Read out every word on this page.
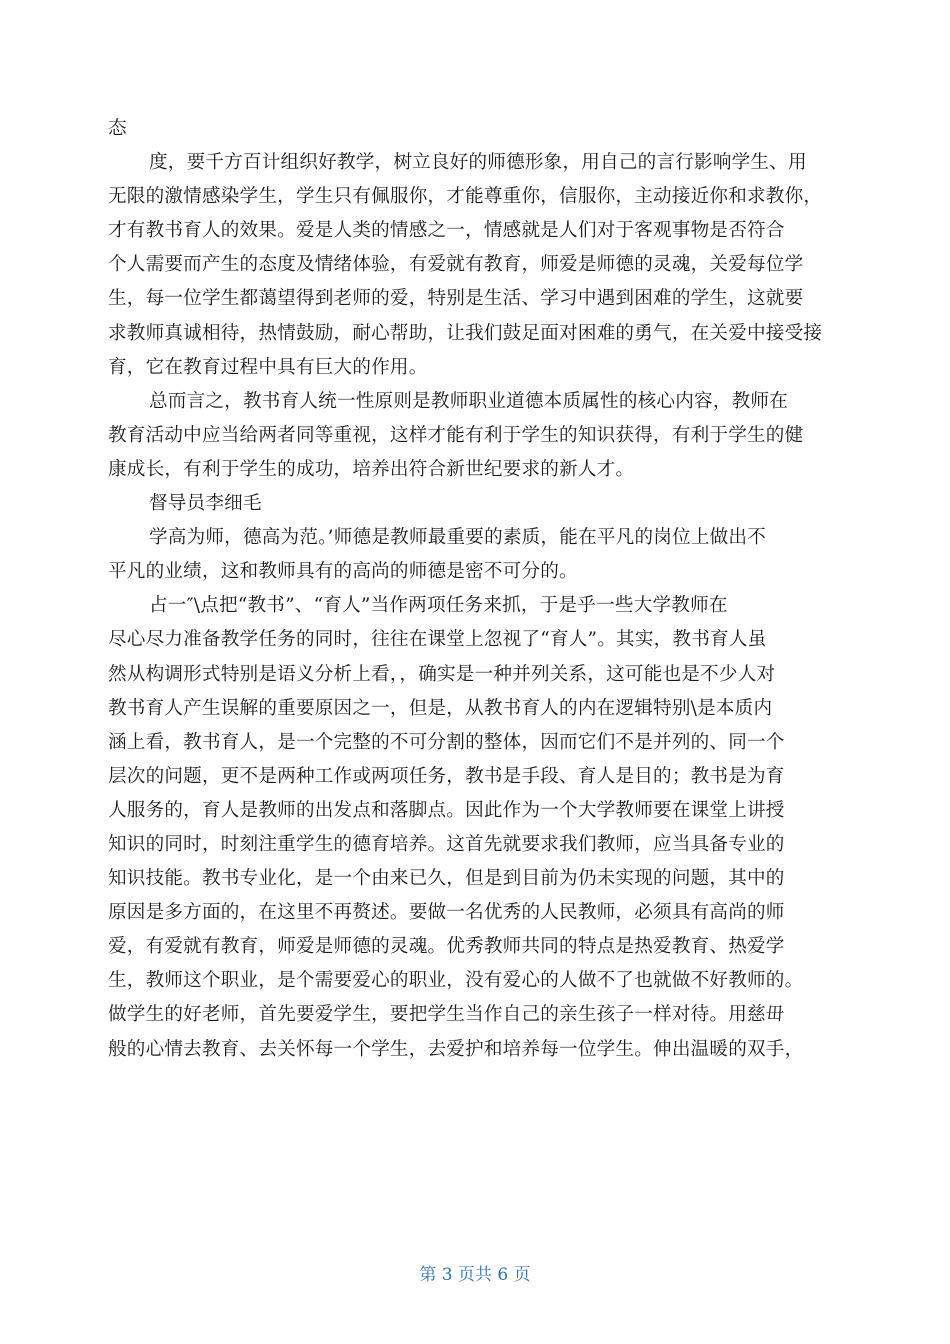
态
度，要千方百计组织好教学，树立良好的师德形象，用自己的言行影响学生、用
无限的激情感染学生，学生只有佩服你，才能尊重你，信服你，主动接近你和求教你，
才有教书育人的效果。爱是人类的情感之一，情感就是人们对于客观事物是否符合
个人需要而产生的态度及情绪体验，有爱就有教育，师爱是师德的灵魂，关爱每位学
生，每一位学生都蔼望得到老师的爱，特别是生活、学习中遇到困难的学生，这就要
求教师真诚相待，热情鼓励，耐心帮助，让我们鼓足面对困难的勇气，在关爱中接受接
育，它在教育过程中具有巨大的作用。
总而言之，教书育人统一性原则是教师职业道德本质属性的核心内容，教师在
教育活动中应当给两者同等重视，这样才能有利于学生的知识获得，有利于学生的健
康成长，有利于学生的成功，培养出符合新世纪要求的新人才。
督导员李细毛
学高为师，德高为范。’师德是教师最重要的素质，能在平凡的岗位上做出不
平凡的业绩，这和教师具有的高尚的师德是密不可分的。
占一″\点把“教书”、“育人”当作两项任务来抓，于是乎一些大学教师在
尽心尽力准备教学任务的同时，往往在课堂上忽视了“育人”。其实，教书育人虽
然从构调形式特别是语义分析上看，，确实是一种并列关系，这可能也是不少人对
教书育人产生误解的重要原因之一，但是，从教书育人的内在逻辑特别\是本质内
涵上看，教书育人，是一个完整的不可分割的整体，因而它们不是并列的、同一个
层次的问题，更不是两种工作或两项任务，教书是手段、育人是目的；教书是为育
人服务的，育人是教师的出发点和落脚点。因此作为一个大学教师要在课堂上讲授
知识的同时，时刻注重学生的德育培养。这首先就要求我们教师，应当具备专业的
知识技能。教书专业化，是一个由来已久，但是到目前为仍未实现的问题，其中的
原因是多方面的，在这里不再赘述。要做一名优秀的人民教师，必须具有高尚的师
爱，有爱就有教育，师爱是师德的灵魂。优秀教师共同的特点是热爱教育、热爱学
生，教师这个职业，是个需要爱心的职业，没有爱心的人做不了也就做不好教师的。
做学生的好老师，首先要爱学生，要把学生当作自己的亲生孩子一样对待。用慈毌
般的心情去教育、去关怀每一个学生，去爱护和培养每一位学生。伸出温暖的双手，
第 3 页共 6 页
